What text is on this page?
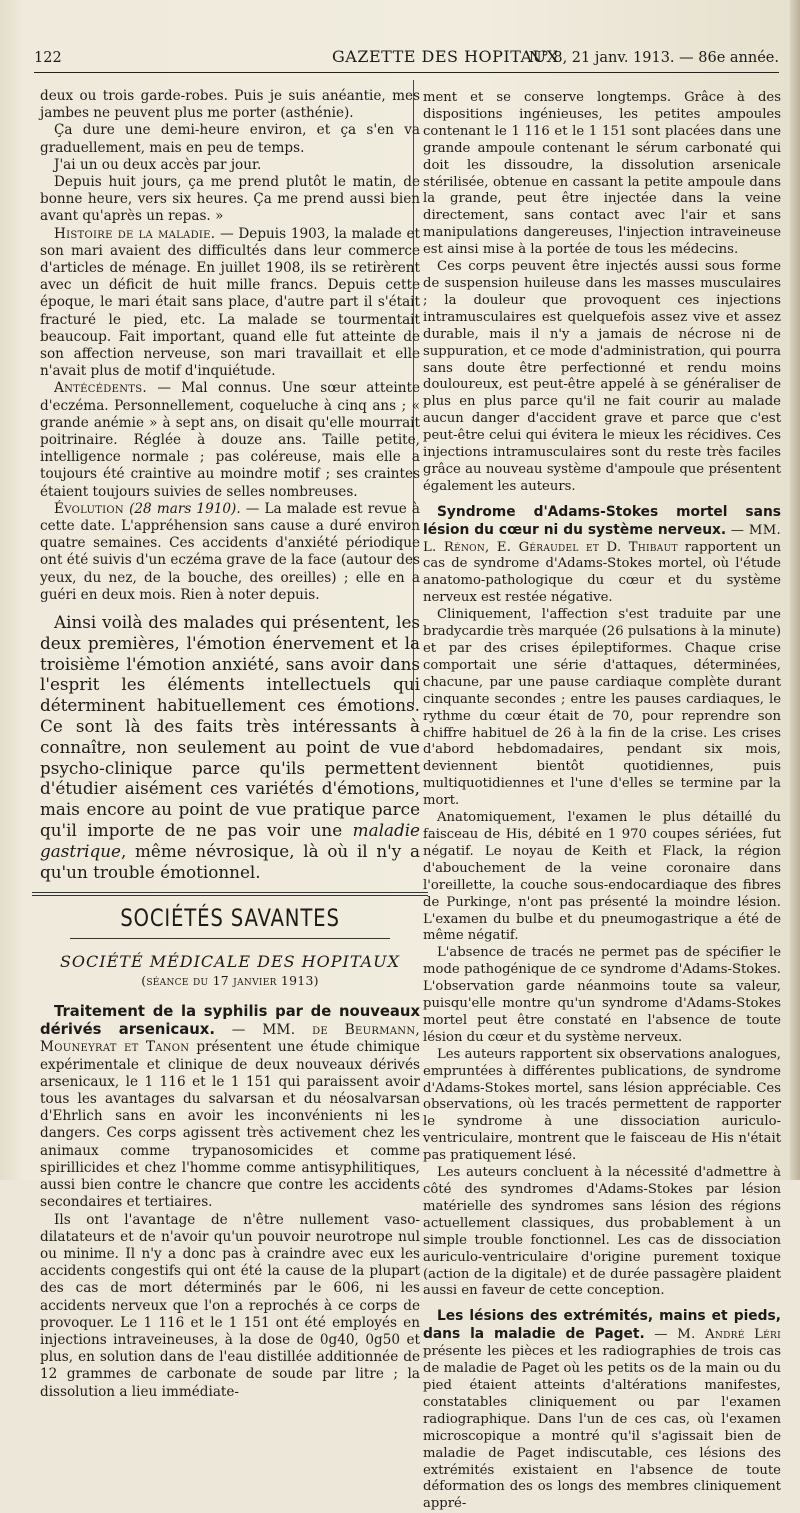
122	GAZETTE DES HOPITAUX
N° 8, 21 janv. 1913. — 86e année.

deux ou trois garde-robes. Puis je suis anéantie, mes jambes ne peuvent plus me porter (asthénie).

Ça dure une demi-heure environ, et ça s'en va graduellement, mais en peu de temps.

J'ai un ou deux accès par jour.

Depuis huit jours, ça me prend plutôt le matin, de bonne heure, vers six heures. Ça me prend aussi bien avant qu'après un repas. »

Histoire de la maladie. — Depuis 1903, la malade et son mari avaient des difficultés dans leur commerce d'articles de ménage. En juillet 1908, ils se retirèrent avec un déficit de huit mille francs. Depuis cette époque, le mari était sans place, d'autre part il s'était fracturé le pied, etc. La malade se tourmentait beaucoup. Fait important, quand elle fut atteinte de son affection nerveuse, son mari travaillait et elle n'avait plus de motif d'inquiétude.

Antécédents. — Mal connus. Une sœur atteinte d'eczéma. Personnellement, coqueluche à cinq ans ; « grande anémie » à sept ans, on disait qu'elle mourrait poitrinaire. Réglée à douze ans. Taille petite, intelligence normale ; pas coléreuse, mais elle a toujours été craintive au moindre motif ; ses craintes étaient toujours suivies de selles nombreuses.

Évolution (28 mars 1910). — La malade est revue à cette date. L'appréhension sans cause a duré environ quatre semaines. Ces accidents d'anxiété périodique ont été suivis d'un eczéma grave de la face (autour des yeux, du nez, de la bouche, des oreilles) ; elle en a guéri en deux mois. Rien à noter depuis.

Ainsi voilà des malades qui présentent, les deux premières, l'émotion énervement et la troisième l'émotion anxiété, sans avoir dans l'esprit les éléments intellectuels qui déterminent habituellement ces émotions. Ce sont là des faits très intéressants à connaître, non seulement au point de vue psycho-clinique parce qu'ils permettent d'étudier aisément ces variétés d'émotions, mais encore au point de vue pratique parce qu'il importe de ne pas voir une maladie gastrique, même névrosique, là où il n'y a qu'un trouble émotionnel.

SOCIÉTÉS SAVANTES
SOCIÉTÉ MÉDICALE DES HOPITAUX
(séance du 17 janvier 1913)

Traitement de la syphilis par de nouveaux dérivés arsenicaux. — MM. de Beurmann, Mouneyrat et Tanon présentent une étude chimique expérimentale et clinique de deux nouveaux dérivés arsenicaux, le 1 116 et le 1 151 qui paraissent avoir tous les avantages du salvarsan et du néosalvarsan d'Ehrlich sans en avoir les inconvénients ni les dangers. Ces corps agissent très activement chez les animaux comme trypanosomicides et comme spirillicides et chez l'homme comme antisyphilitiques, aussi bien contre le chancre que contre les accidents secondaires et tertiaires.

Ils ont l'avantage de n'être nullement vaso-dilatateurs et de n'avoir qu'un pouvoir neurotrope nul ou minime. Il n'y a donc pas à craindre avec eux les accidents congestifs qui ont été la cause de la plupart des cas de mort déterminés par le 606, ni les accidents nerveux que l'on a reprochés à ce corps de provoquer. Le 1 116 et le 1 151 ont été employés en injections intraveineuses, à la dose de 0g40, 0g50 et plus, en solution dans de l'eau distillée additionnée de 12 grammes de carbonate de soude par litre ; la dissolution a lieu immédiate-

ment et se conserve longtemps. Grâce à des dispositions ingénieuses, les petites ampoules contenant le 1 116 et le 1 151 sont placées dans une grande ampoule contenant le sérum carbonaté qui doit les dissoudre, la dissolution arsenicale stérilisée, obtenue en cassant la petite ampoule dans la grande, peut être injectée dans la veine directement, sans contact avec l'air et sans manipulations dangereuses, l'injection intraveineuse est ainsi mise à la portée de tous les médecins.

Ces corps peuvent être injectés aussi sous forme de suspension huileuse dans les masses musculaires ; la douleur que provoquent ces injections intramusculaires est quelquefois assez vive et assez durable, mais il n'y a jamais de nécrose ni de suppuration, et ce mode d'administration, qui pourra sans doute être perfectionné et rendu moins douloureux, est peut-être appelé à se généraliser de plus en plus parce qu'il ne fait courir au malade aucun danger d'accident grave et parce que c'est peut-être celui qui évitera le mieux les récidives. Ces injections intramusculaires sont du reste très faciles grâce au nouveau système d'ampoule que présentent également les auteurs.

Syndrome d'Adams-Stokes mortel sans lésion du cœur ni du système nerveux. — MM. L. Rénon, E. Géraudel et D. Thibaut rapportent un cas de syndrome d'Adams-Stokes mortel, où l'étude anatomo-pathologique du cœur et du système nerveux est restée négative.

Cliniquement, l'affection s'est traduite par une bradycardie très marquée (26 pulsations à la minute) et par des crises épileptiformes. Chaque crise comportait une série d'attaques, déterminées, chacune, par une pause cardiaque complète durant cinquante secondes ; entre les pauses cardiaques, le rythme du cœur était de 70, pour reprendre son chiffre habituel de 26 à la fin de la crise. Les crises d'abord hebdomadaires, pendant six mois, deviennent bientôt quotidiennes, puis multiquotidiennes et l'une d'elles se termine par la mort.

Anatomiquement, l'examen le plus détaillé du faisceau de His, débité en 1 970 coupes sériées, fut négatif. Le noyau de Keith et Flack, la région d'abouchement de la veine coronaire dans l'oreillette, la couche sous-endocardiaque des fibres de Purkinge, n'ont pas présenté la moindre lésion. L'examen du bulbe et du pneumogastrique a été de même négatif.

L'absence de tracés ne permet pas de spécifier le mode pathogénique de ce syndrome d'Adams-Stokes. L'observation garde néanmoins toute sa valeur, puisqu'elle montre qu'un syndrome d'Adams-Stokes mortel peut être constaté en l'absence de toute lésion du cœur et du système nerveux.

Les auteurs rapportent six observations analogues, empruntées à différentes publications, de syndrome d'Adams-Stokes mortel, sans lésion appréciable. Ces observations, où les tracés permettent de rapporter le syndrome à une dissociation auriculo-ventriculaire, montrent que le faisceau de His n'était pas pratiquement lésé.

Les auteurs concluent à la nécessité d'admettre à côté des syndromes d'Adams-Stokes par lésion matérielle des syndromes sans lésion des régions actuellement classiques, dus probablement à un simple trouble fonctionnel. Les cas de dissociation auriculo-ventriculaire d'origine purement toxique (action de la digitale) et de durée passagère plaident aussi en faveur de cette conception.

Les lésions des extrémités, mains et pieds, dans la maladie de Paget. — M. André Léri présente les pièces et les radiographies de trois cas de maladie de Paget où les petits os de la main ou du pied étaient atteints d'altérations manifestes, constatables cliniquement ou par l'examen radiographique. Dans l'un de ces cas, où l'examen microscopique a montré qu'il s'agissait bien de maladie de Paget indiscutable, ces lésions des extrémités existaient en l'absence de toute déformation des os longs des membres cliniquement appré-
